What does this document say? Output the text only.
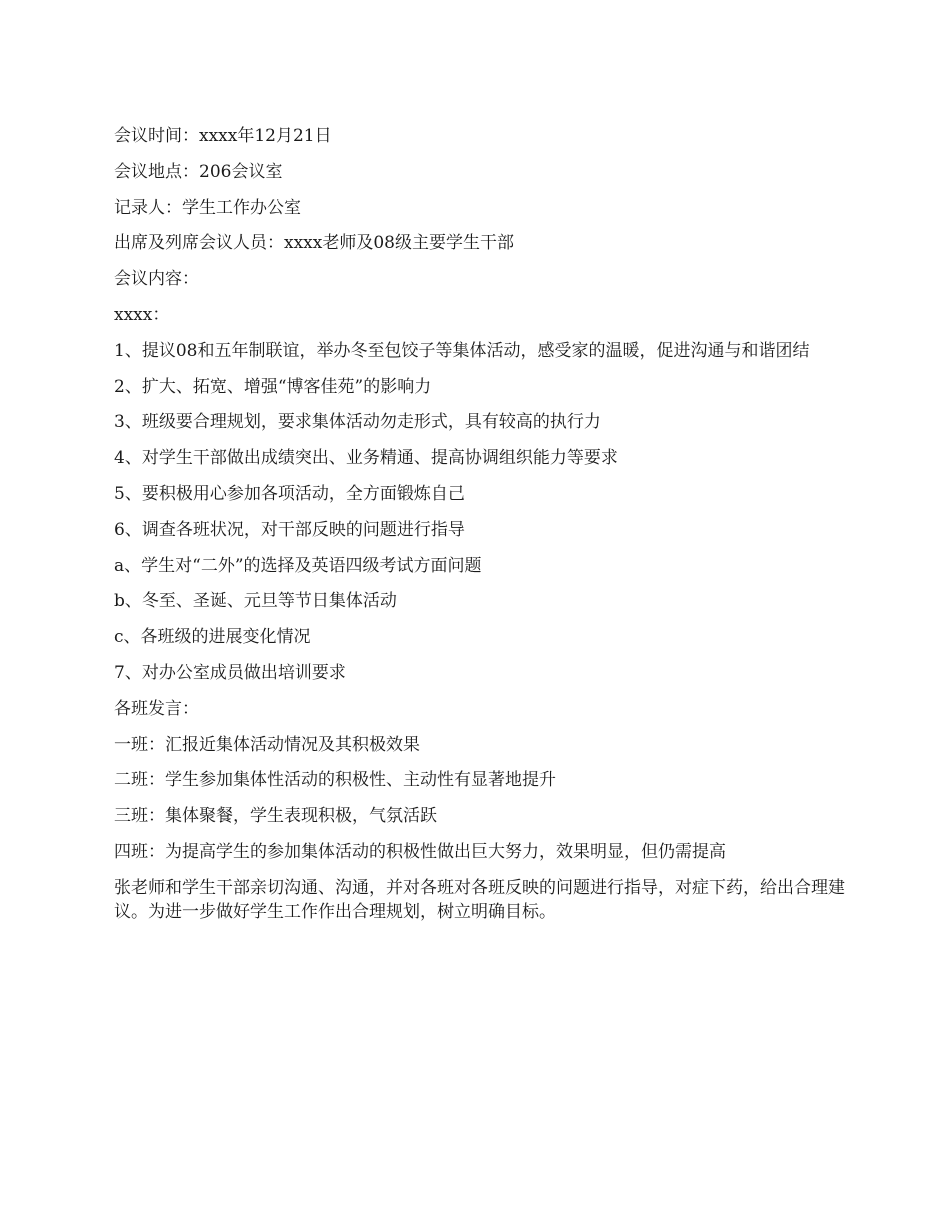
会议时间：xxxx年12月21日

会议地点：206会议室

记录人：学生工作办公室

出席及列席会议人员：xxxx老师及08级主要学生干部

会议内容：

xxxx：

1、提议08和五年制联谊，举办冬至包饺子等集体活动，感受家的温暖，促进沟通与和谐团结

2、扩大、拓宽、增强“博客佳苑”的影响力

3、班级要合理规划，要求集体活动勿走形式，具有较高的执行力

4、对学生干部做出成绩突出、业务精通、提高协调组织能力等要求

5、要积极用心参加各项活动，全方面锻炼自己

6、调查各班状况，对干部反映的问题进行指导

a、学生对“二外”的选择及英语四级考试方面问题

b、冬至、圣诞、元旦等节日集体活动

c、各班级的进展变化情况

7、对办公室成员做出培训要求

各班发言：

一班：汇报近集体活动情况及其积极效果

二班：学生参加集体性活动的积极性、主动性有显著地提升

三班：集体聚餐，学生表现积极，气氛活跃

四班：为提高学生的参加集体活动的积极性做出巨大努力，效果明显，但仍需提高

张老师和学生干部亲切沟通、沟通，并对各班对各班反映的问题进行指导，对症下药，给出合理建议。为进一步做好学生工作作出合理规划，树立明确目标。
